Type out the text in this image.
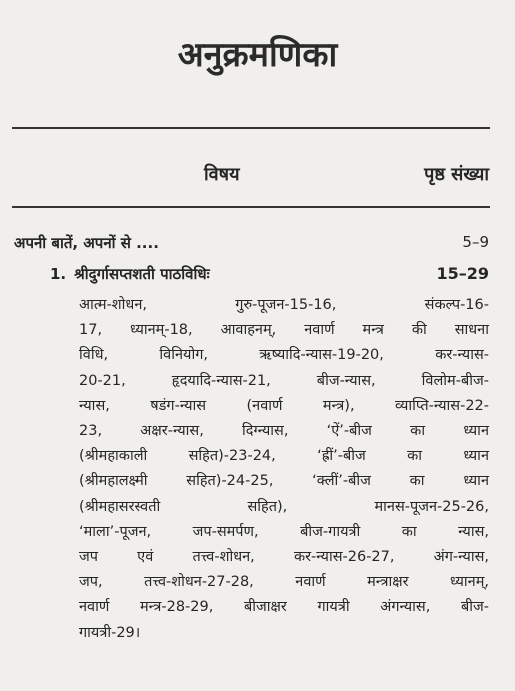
अनुक्रमणिका
विषय	पृष्ठ संख्या
अपनी बातें, अपनों से ....	5–9
1. श्रीदुर्गासप्तशती पाठविधिः	15–29
आत्म-शोधन, गुरु-पूजन-15-16, संकल्प-16-
17, ध्यानम्-18, आवाहनम्, नवार्ण मन्त्र की साधना
विधि, विनियोग, ऋष्यादि-न्यास-19-20, कर-न्यास-
20-21, हृदयादि-न्यास-21, बीज-न्यास, विलोम-बीज-
न्यास, षडंग-न्यास (नवार्ण मन्त्र), व्याप्ति-न्यास-22-
23, अक्षर-न्यास, दिग्न्यास, ‘ऐं’-बीज का ध्यान
(श्रीमहाकाली सहित)-23-24, ‘ह्रीं’-बीज का ध्यान
(श्रीमहालक्ष्मी सहित)-24-25, ‘क्लीं’-बीज का ध्यान
(श्रीमहासरस्वती सहित), मानस-पूजन-25-26,
‘माला’-पूजन, जप-समर्पण, बीज-गायत्री का न्यास,
जप एवं तत्त्व-शोधन, कर-न्यास-26-27, अंग-न्यास,
जप, तत्त्व-शोधन-27-28, नवार्ण मन्त्राक्षर ध्यानम्,
नवार्ण मन्त्र-28-29, बीजाक्षर गायत्री अंगन्यास, बीज-
गायत्री-29।
